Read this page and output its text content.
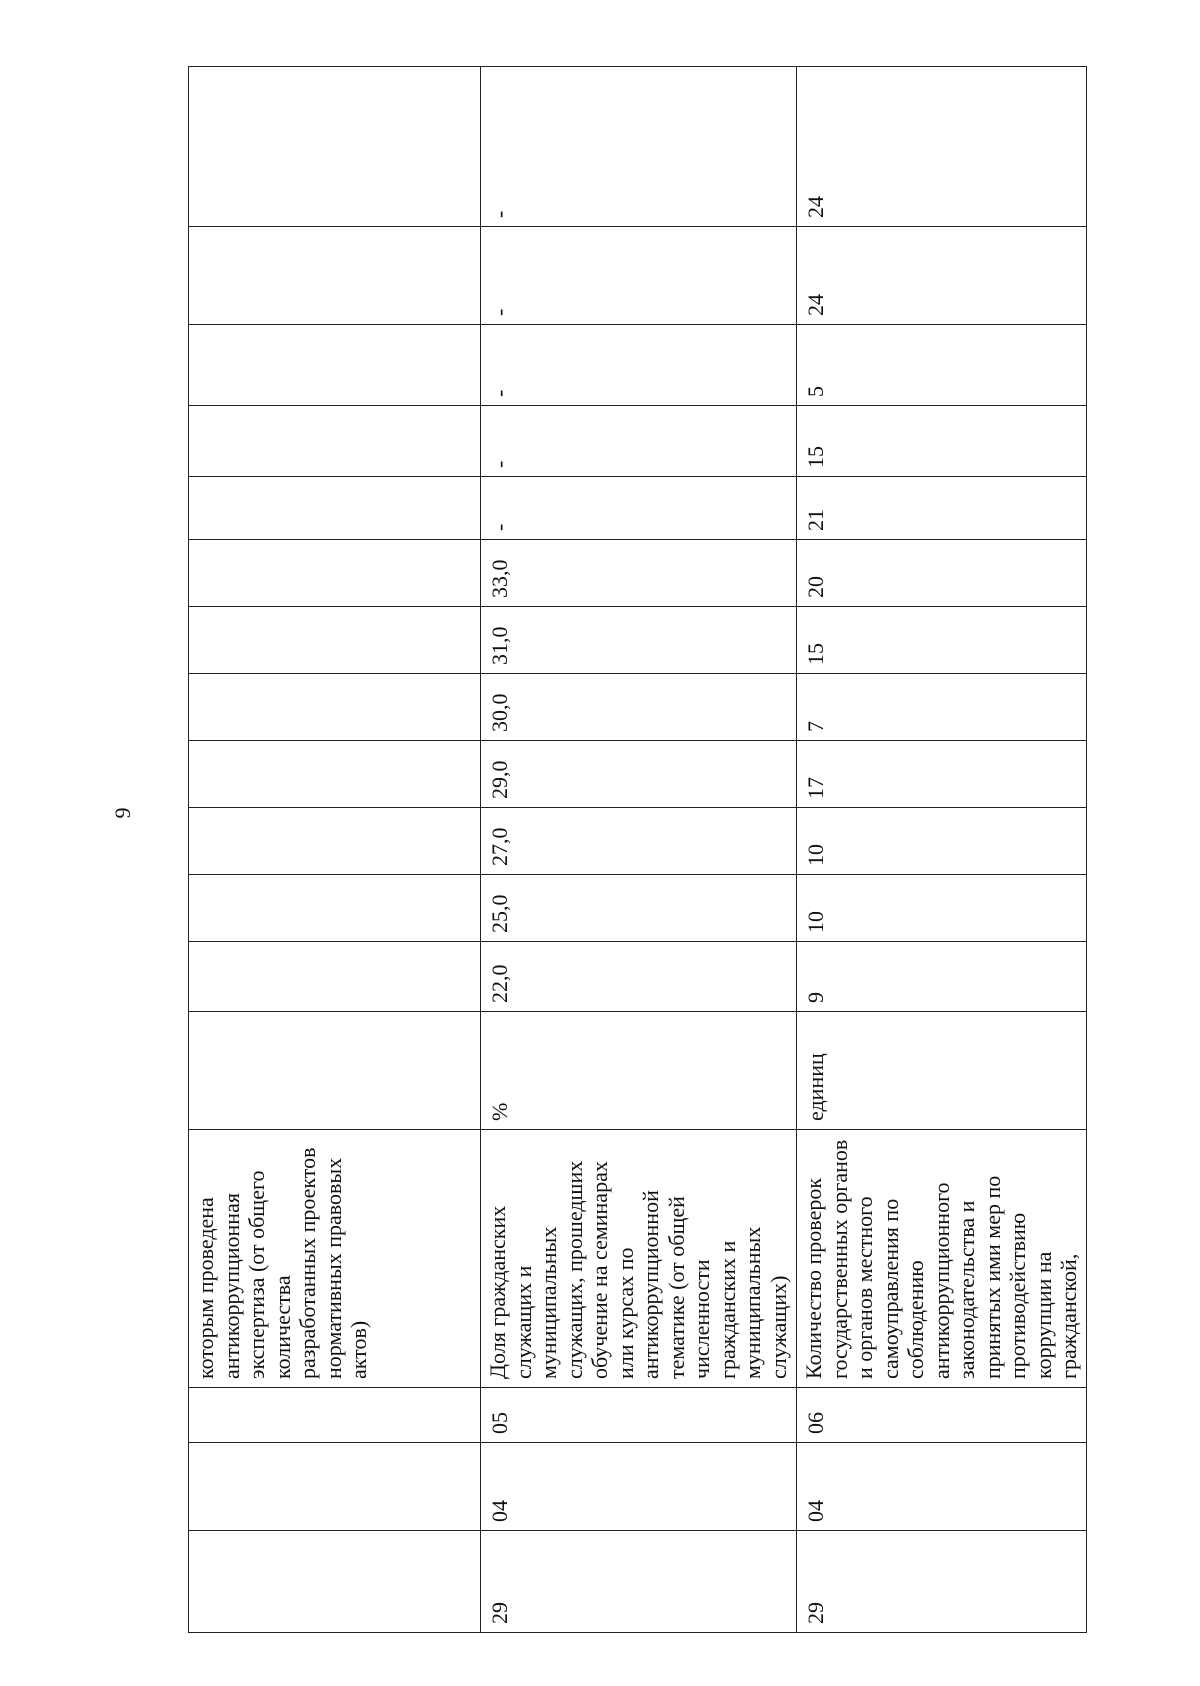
9
			которым проведена антикоррупционная экспертиза (от общего количества разработанных проектов нормативных правовых актов)													
29	04	05	Доля гражданских служащих и муниципальных служащих, прошедших обучение на семинарах или курсах по антикоррупционной тематике (от общей численности гражданских и муниципальных служащих)	%	22,0	25,0	27,0	29,0	30,0	31,0	33,0	-	-	-	-	-
29	04	06	Количество проверок государственных органов и органов местного самоуправления по соблюдению антикоррупционного законодательства и принятых ими мер по противодействию коррупции на гражданской,	единиц	9	10	10	17	7	15	20	21	15	5	24	24
